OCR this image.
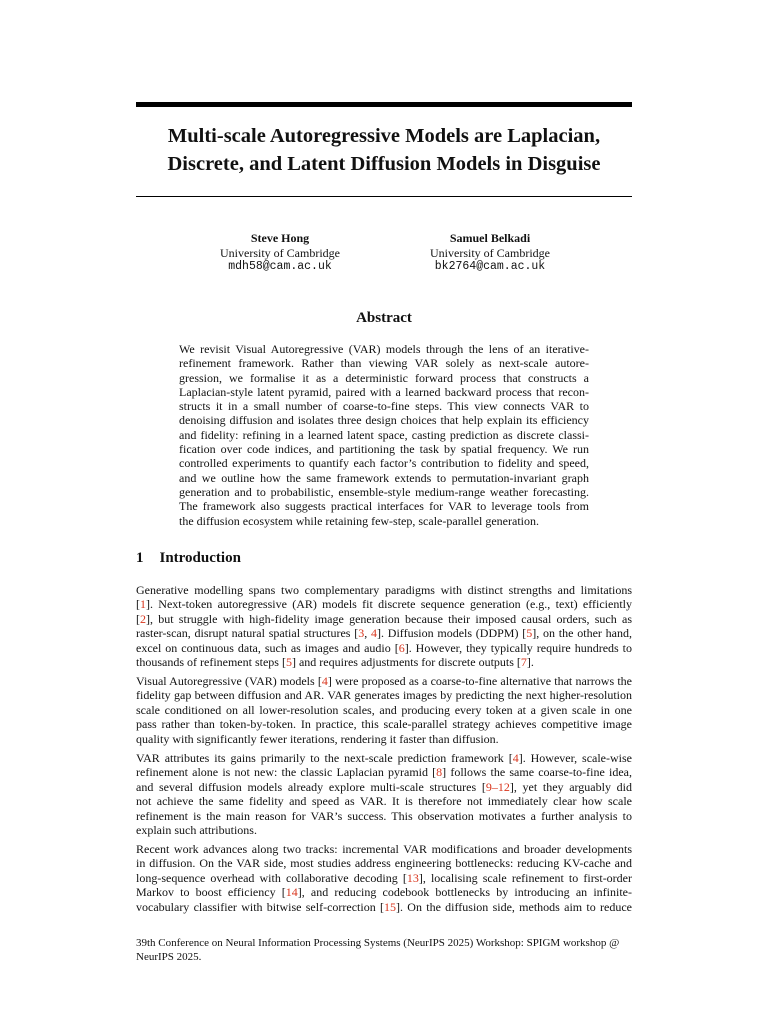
Multi-scale Autoregressive Models are Laplacian,
Discrete, and Latent Diffusion Models in Disguise
Steve Hong
University of Cambridge
mdh58@cam.ac.uk
Samuel Belkadi
University of Cambridge
bk2764@cam.ac.uk
Abstract
We revisit Visual Autoregressive (VAR) models through the lens of an iterative-
refinement framework. Rather than viewing VAR solely as next-scale autore-
gression, we formalise it as a deterministic forward process that constructs a
Laplacian-style latent pyramid, paired with a learned backward process that recon-
structs it in a small number of coarse-to-fine steps. This view connects VAR to
denoising diffusion and isolates three design choices that help explain its efficiency
and fidelity: refining in a learned latent space, casting prediction as discrete classi-
fication over code indices, and partitioning the task by spatial frequency. We run
controlled experiments to quantify each factor’s contribution to fidelity and speed,
and we outline how the same framework extends to permutation-invariant graph
generation and to probabilistic, ensemble-style medium-range weather forecasting.
The framework also suggests practical interfaces for VAR to leverage tools from
the diffusion ecosystem while retaining few-step, scale-parallel generation.
1 Introduction
Generative modelling spans two complementary paradigms with distinct strengths and limitations
[1]. Next-token autoregressive (AR) models fit discrete sequence generation (e.g., text) efficiently
[2], but struggle with high-fidelity image generation because their imposed causal orders, such as
raster-scan, disrupt natural spatial structures [3, 4]. Diffusion models (DDPM) [5], on the other hand,
excel on continuous data, such as images and audio [6]. However, they typically require hundreds to
thousands of refinement steps [5] and requires adjustments for discrete outputs [7].
Visual Autoregressive (VAR) models [4] were proposed as a coarse-to-fine alternative that narrows the
fidelity gap between diffusion and AR. VAR generates images by predicting the next higher-resolution
scale conditioned on all lower-resolution scales, and producing every token at a given scale in one
pass rather than token-by-token. In practice, this scale-parallel strategy achieves competitive image
quality with significantly fewer iterations, rendering it faster than diffusion.
VAR attributes its gains primarily to the next-scale prediction framework [4]. However, scale-wise
refinement alone is not new: the classic Laplacian pyramid [8] follows the same coarse-to-fine idea,
and several diffusion models already explore multi-scale structures [9–12], yet they arguably did
not achieve the same fidelity and speed as VAR. It is therefore not immediately clear how scale
refinement is the main reason for VAR’s success. This observation motivates a further analysis to
explain such attributions.
Recent work advances along two tracks: incremental VAR modifications and broader developments
in diffusion. On the VAR side, most studies address engineering bottlenecks: reducing KV-cache and
long-sequence overhead with collaborative decoding [13], localising scale refinement to first-order
Markov to boost efficiency [14], and reducing codebook bottlenecks by introducing an infinite-
vocabulary classifier with bitwise self-correction [15]. On the diffusion side, methods aim to reduce
39th Conference on Neural Information Processing Systems (NeurIPS 2025) Workshop: SPIGM workshop @
NeurIPS 2025.
